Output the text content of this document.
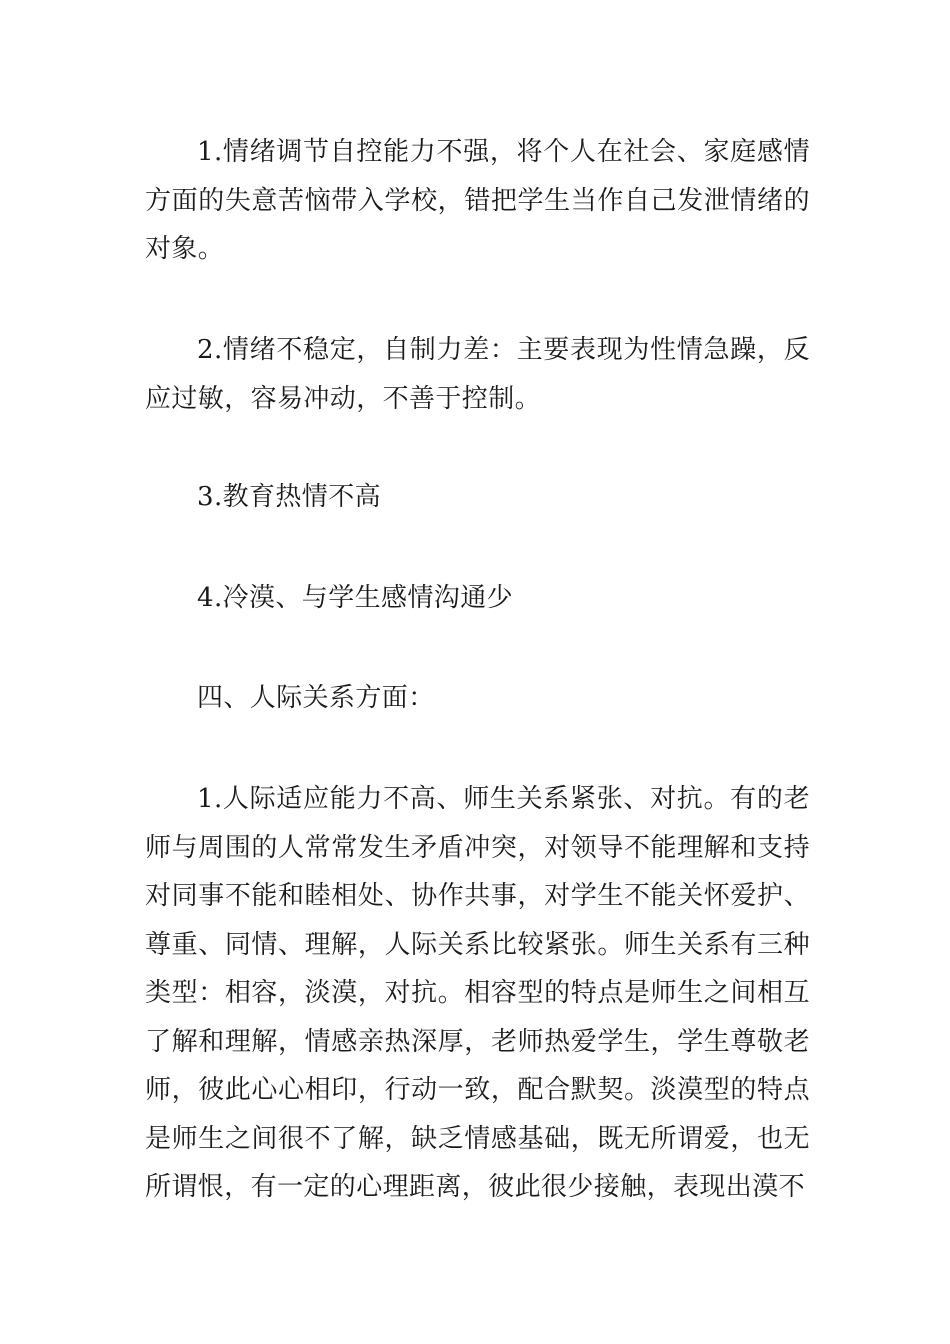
1.情绪调节自控能力不强，将个人在社会、家庭感情方面的失意苦恼带入学校，错把学生当作自己发泄情绪的对象。

2.情绪不稳定，自制力差：主要表现为性情急躁，反应过敏，容易冲动，不善于控制。

3.教育热情不高

4.冷漠、与学生感情沟通少

四、人际关系方面：

1.人际适应能力不高、师生关系紧张、对抗。有的老师与周围的人常常发生矛盾冲突，对领导不能理解和支持对同事不能和睦相处、协作共事，对学生不能关怀爱护、尊重、同情、理解，人际关系比较紧张。师生关系有三种类型：相容，淡漠，对抗。相容型的特点是师生之间相互了解和理解，情感亲热深厚，老师热爱学生，学生尊敬老师，彼此心心相印，行动一致，配合默契。淡漠型的特点是师生之间很不了解，缺乏情感基础，既无所谓爱，也无所谓恨，有一定的心理距离，彼此很少接触，表现出漠不
